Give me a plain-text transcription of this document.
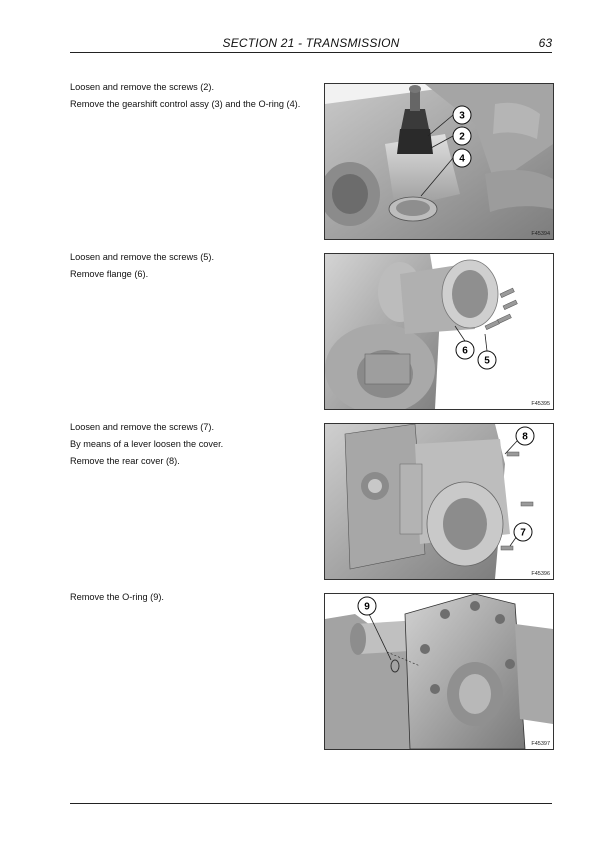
SECTION 21 - TRANSMISSION	63

Loosen and remove the screws (2).

Remove the gearshift control assy (3) and the O-ring (4).

3
2
4
F45394

Loosen and remove the screws (5).

Remove flange (6).

6
5
F45395

Loosen and remove the screws (7).

By means of a lever loosen the cover.

Remove the rear cover (8).

8
7
F45396

Remove the O-ring (9).

9
F45397
